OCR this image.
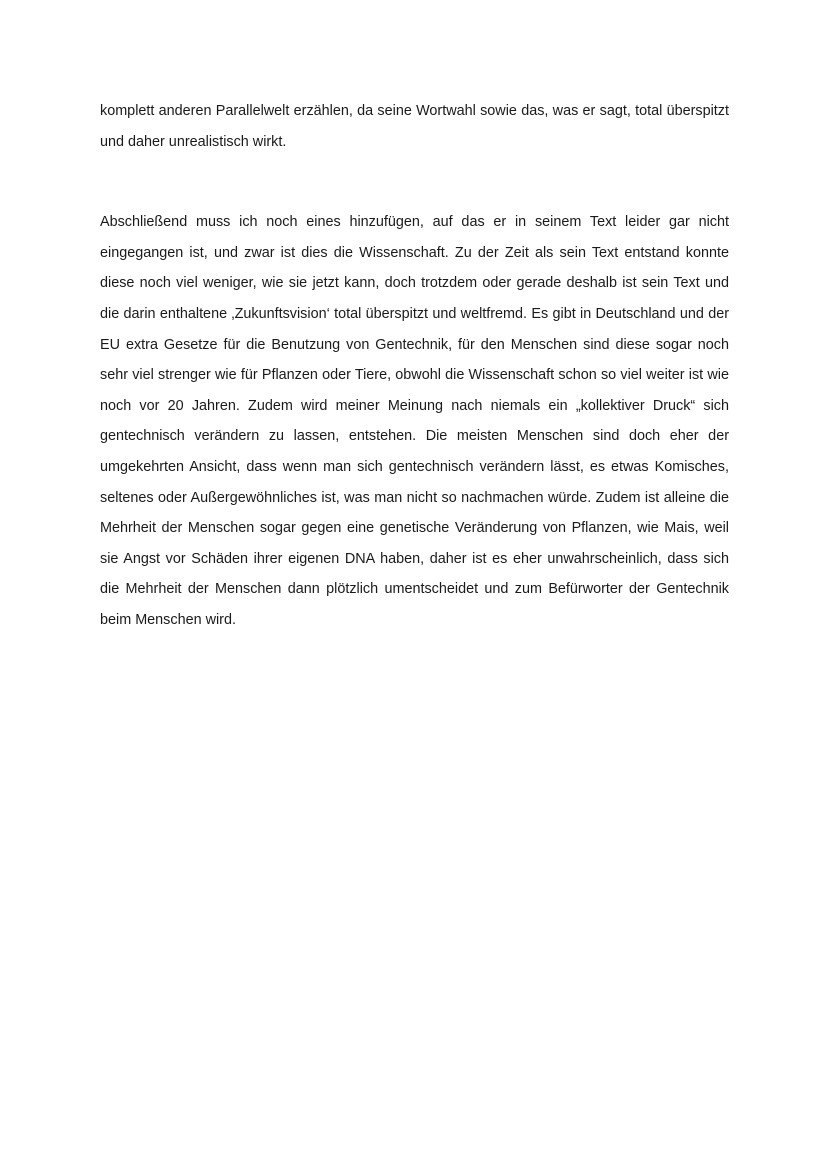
komplett anderen Parallelwelt erzählen, da seine Wortwahl sowie das, was er sagt, total überspitzt und daher unrealistisch wirkt.

Abschließend muss ich noch eines hinzufügen, auf das er in seinem Text leider gar nicht eingegangen ist, und zwar ist dies die Wissenschaft. Zu der Zeit als sein Text entstand konnte diese noch viel weniger, wie sie jetzt kann, doch trotzdem oder gerade deshalb ist sein Text und die darin enthaltene ‚Zukunftsvision‘ total überspitzt und weltfremd. Es gibt in Deutschland und der EU extra Gesetze für die Benutzung von Gentechnik, für den Menschen sind diese sogar noch sehr viel strenger wie für Pflanzen oder Tiere, obwohl die Wissenschaft schon so viel weiter ist wie noch vor 20 Jahren. Zudem wird meiner Meinung nach niemals ein „kollektiver Druck“ sich gentechnisch verändern zu lassen, entstehen. Die meisten Menschen sind doch eher der umgekehrten Ansicht, dass wenn man sich gentechnisch verändern lässt, es etwas Komisches, seltenes oder Außergewöhnliches ist, was man nicht so nachmachen würde. Zudem ist alleine die Mehrheit der Menschen sogar gegen eine genetische Veränderung von Pflanzen, wie Mais, weil sie Angst vor Schäden ihrer eigenen DNA haben, daher ist es eher unwahrscheinlich, dass sich die Mehrheit der Menschen dann plötzlich umentscheidet und zum Befürworter der Gentechnik beim Menschen wird.
